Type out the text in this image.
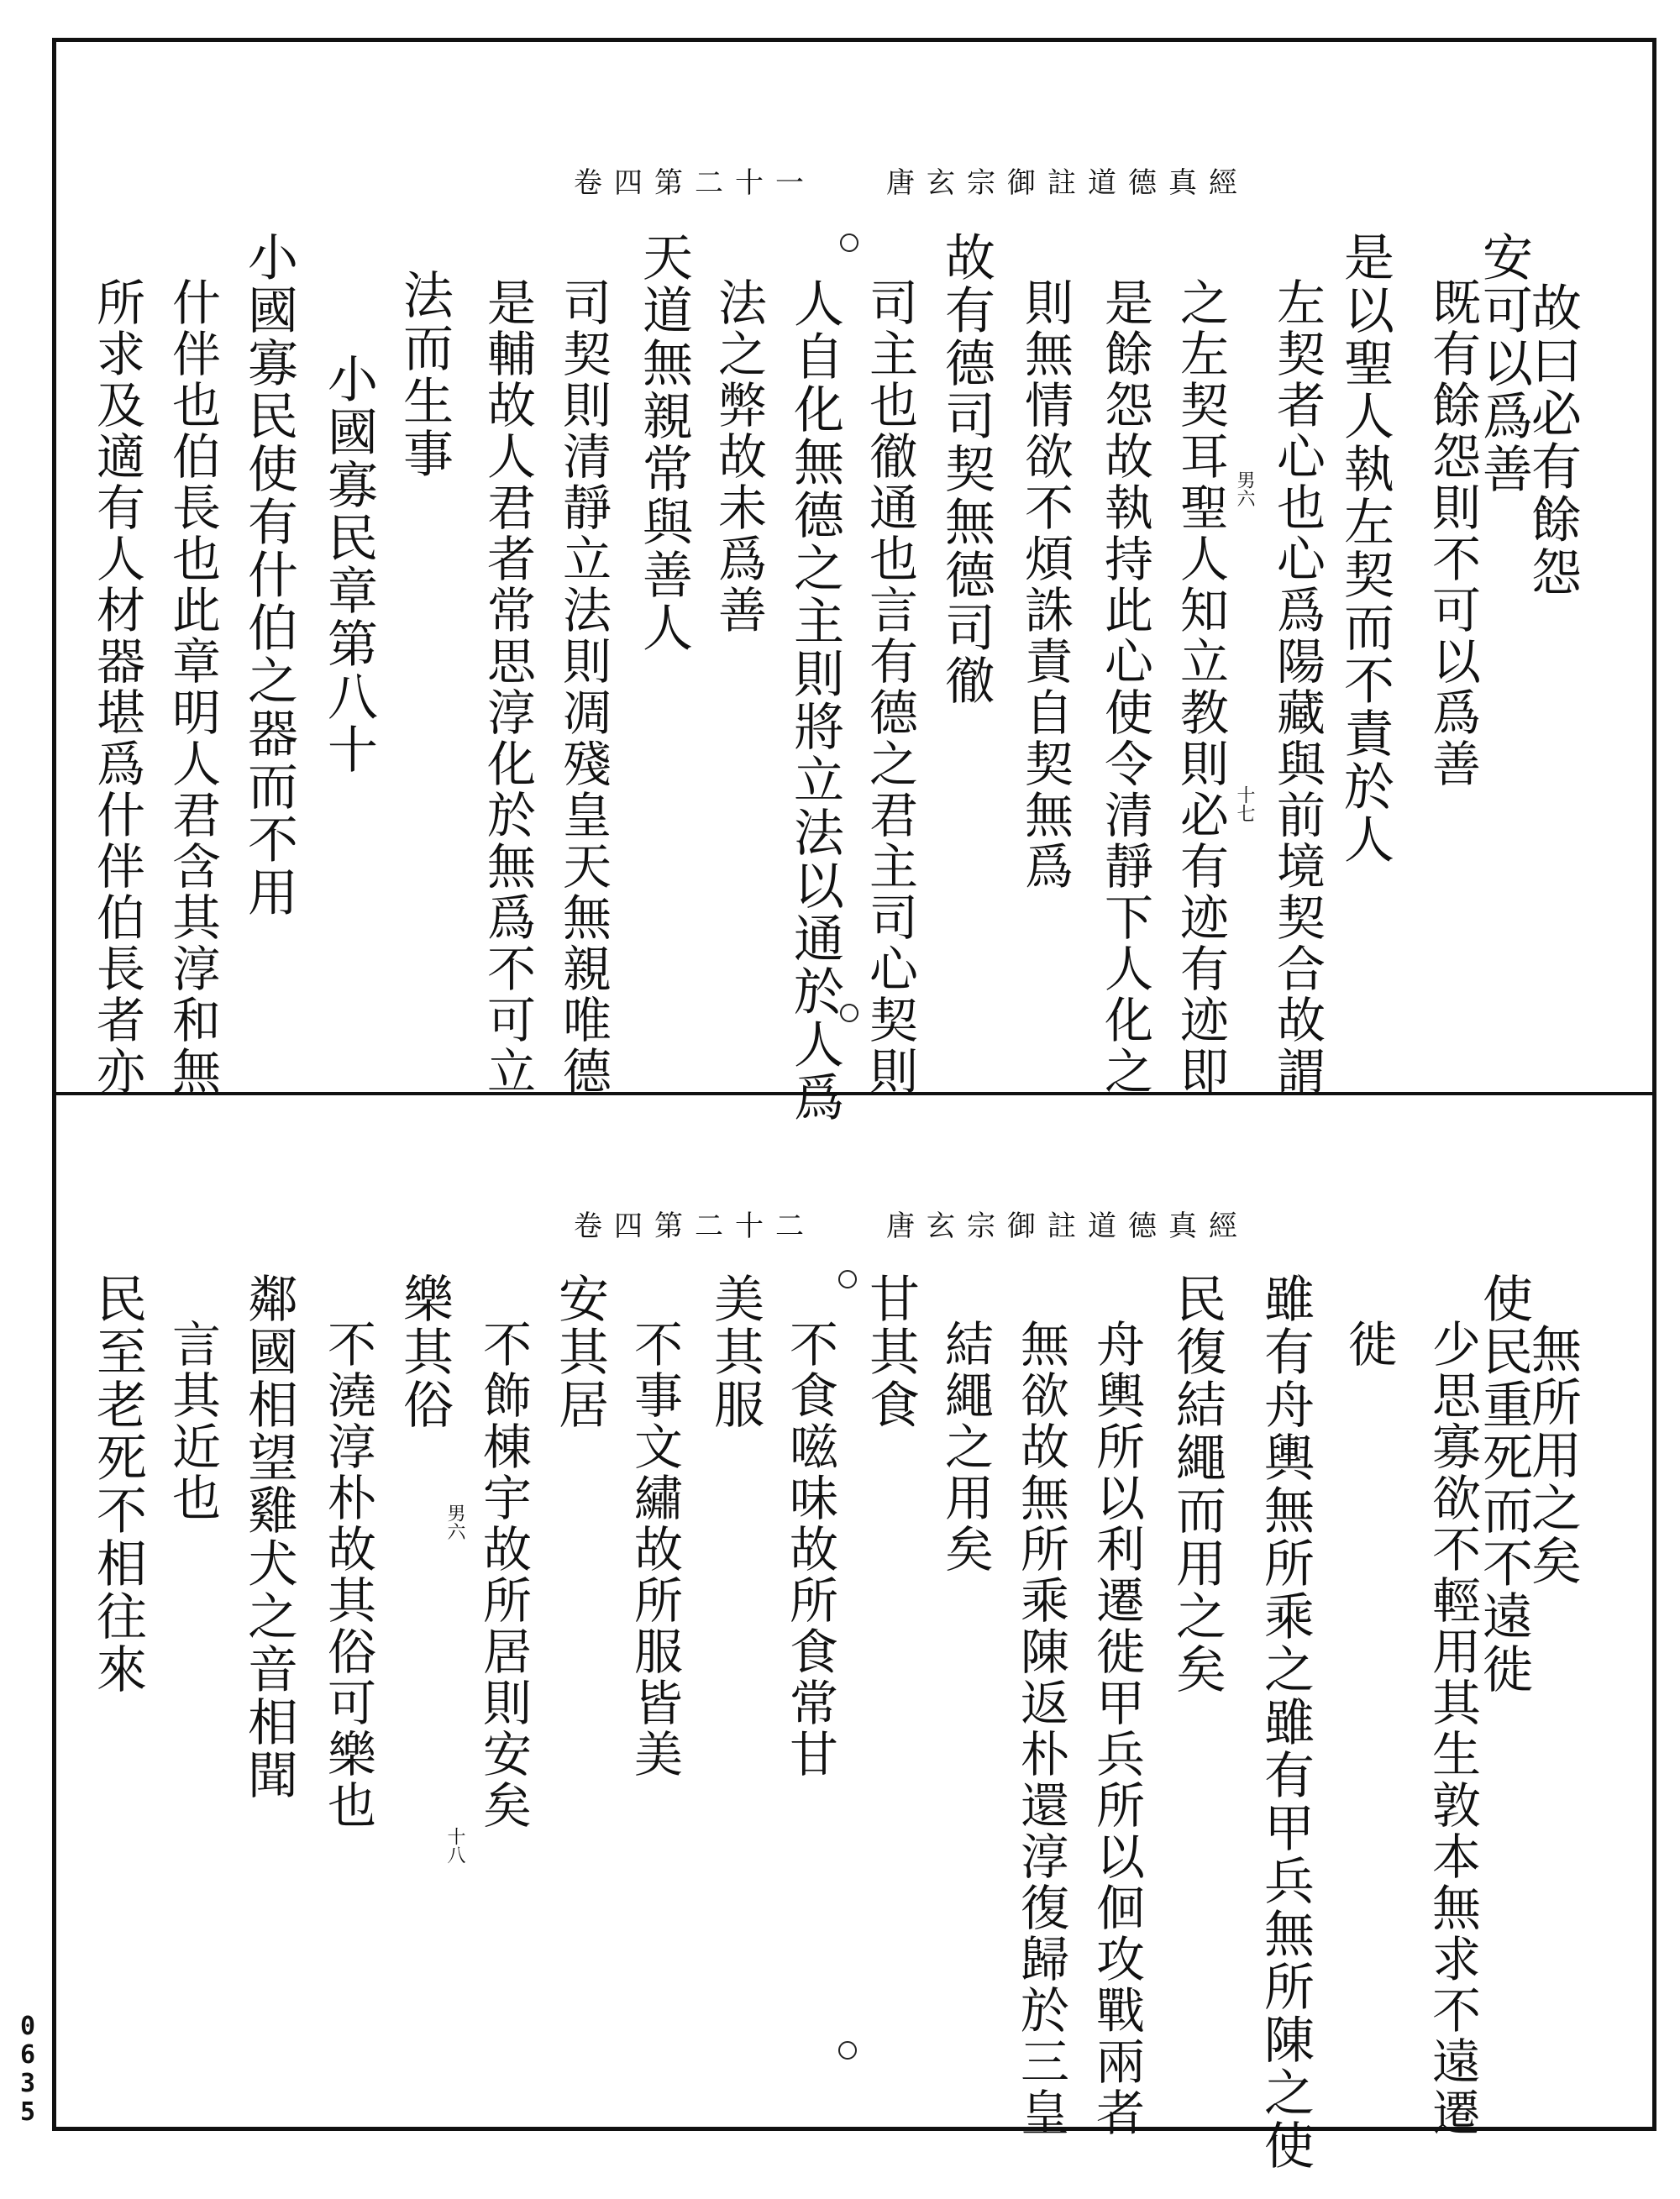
卷四第二十一 唐玄宗御註道德真經
故曰必有餘怨
安可以爲善
既有餘怨則不可以爲善
是以聖人執左契而不責於人
左契者心也心爲陽藏與前境契合故謂
男六
十七
之左契耳聖人知立教則必有迹有迹即
是餘怨故執持此心使令清靜下人化之
則無情欲不煩誅責自契無爲
故有德司契無德司徹
司主也徹通也言有德之君主司心契則
人自化無德之主則將立法以通於人爲
法之弊故未爲善
天道無親常與善人
司契則清靜立法則凋殘皇天無親唯德
是輔故人君者常思淳化於無爲不可立
法而生事
小國寡民章第八十
小國寡民使有什伯之器而不用
什伴也伯長也此章明人君含其淳和無
所求及適有人材器堪爲什伴伯長者亦
卷四第二十二 唐玄宗御註道德真經
無所用之矣
使民重死而不遠徙
少思寡欲不輕用其生敦本無求不遠遷
徙
雖有舟輿無所乘之雖有甲兵無所陳之使
民復結繩而用之矣
舟輿所以利遷徙甲兵所以佪攻戰兩者
無欲故無所乘陳返朴還淳復歸於三皇
結繩之用矣
甘其食
不食嗞味故所食常甘
美其服
不事文繡故所服皆美
安其居
不飾棟宇故所居則安矣
男六
十八
樂其俗
不澆淳朴故其俗可樂也
鄰國相望雞犬之音相聞
言其近也
民至老死不相往來
0
6
3
5
